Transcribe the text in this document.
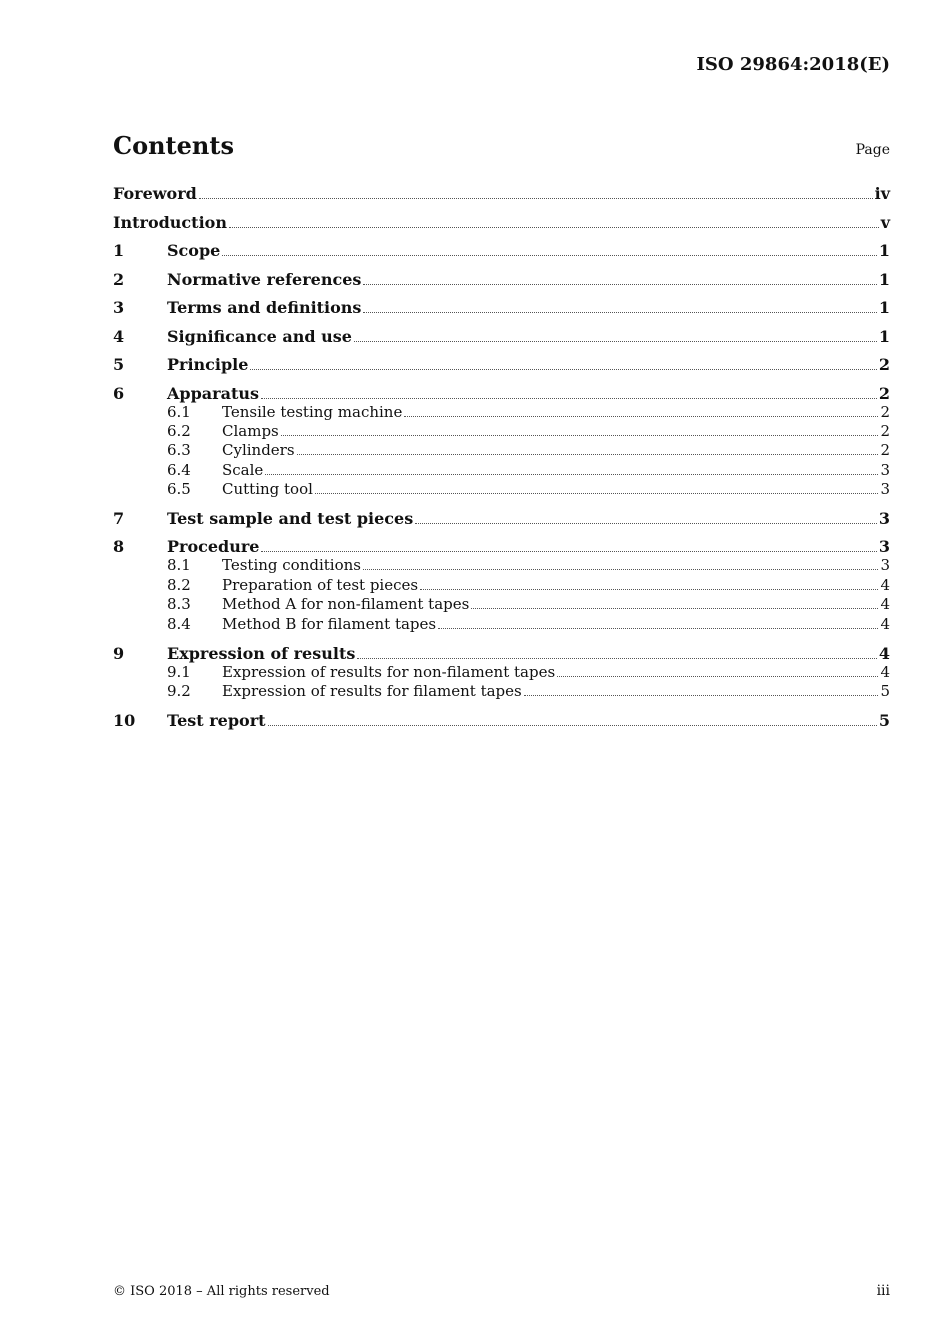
ISO 29864:2018(E)
Contents	Page
Foreword	iv
Introduction	v
1	Scope	1
2	Normative references	1
3	Terms and definitions	1
4	Significance and use	1
5	Principle	2
6	Apparatus	2
6.1	Tensile testing machine	2
6.2	Clamps	2
6.3	Cylinders	2
6.4	Scale	3
6.5	Cutting tool	3
7	Test sample and test pieces	3
8	Procedure	3
8.1	Testing conditions	3
8.2	Preparation of test pieces	4
8.3	Method A for non-filament tapes	4
8.4	Method B for filament tapes	4
9	Expression of results	4
9.1	Expression of results for non-filament tapes	4
9.2	Expression of results for filament tapes	5
10	Test report	5
© ISO 2018 – All rights reserved	iii
